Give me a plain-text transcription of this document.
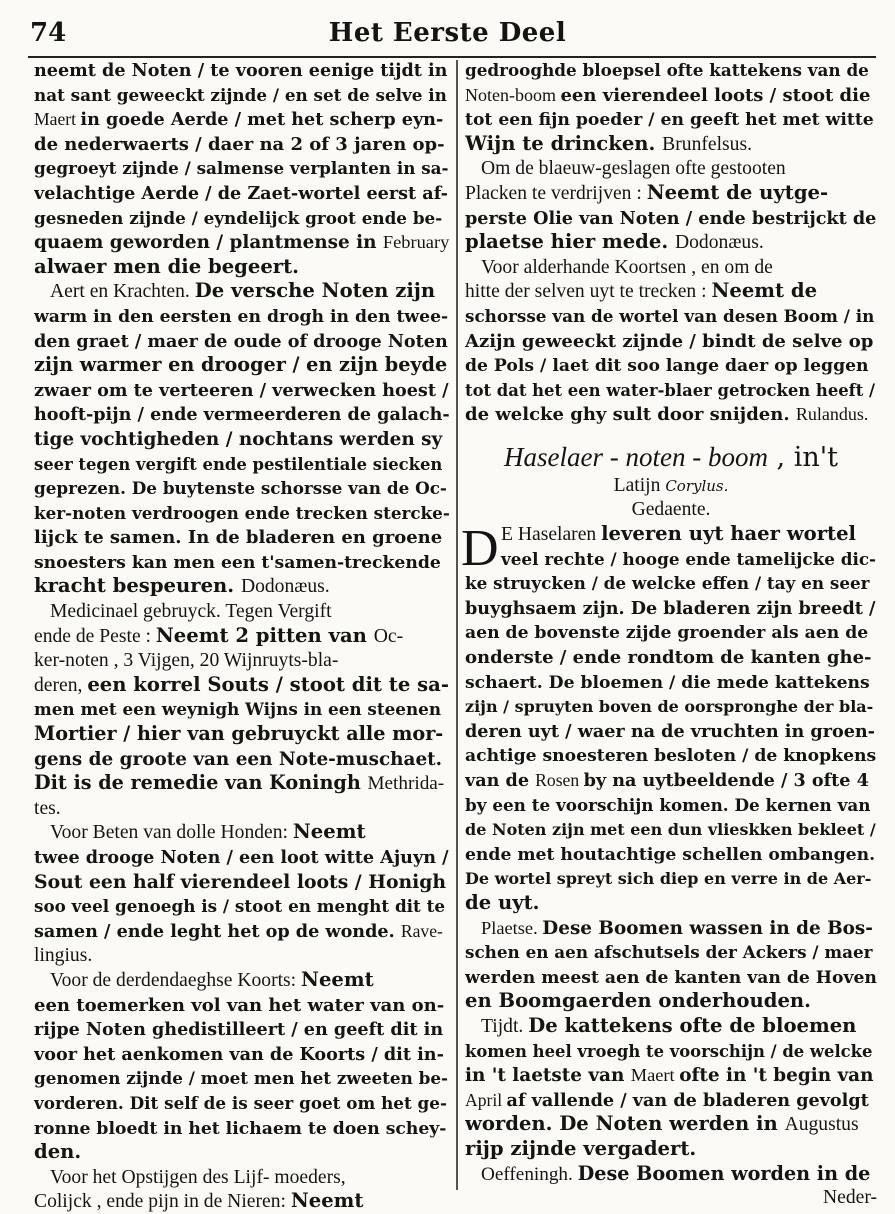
74	Het Eerste Deel
neemt de Noten / te vooren eenige tijdt in
nat sant geweeckt zijnde / en set de selve in
Maert in goede Aerde / met het scherp eyn-
de nederwaerts / daer na 2 of 3 jaren op-
gegroeyt zijnde / salmense verplanten in sa-
velachtige Aerde / de Zaet-wortel eerst af-
gesneden zijnde / eyndelijck groot ende be-
quaem geworden / plantmense in February
alwaer men die begeert.
Aert en Krachten. De versche Noten zijn
warm in den eersten en drogh in den twee-
den graet / maer de oude of drooge Noten
zijn warmer en drooger / en zijn beyde
zwaer om te verteeren / verwecken hoest /
hooft-pijn / ende vermeerderen de galach-
tige vochtigheden / nochtans werden sy
seer tegen vergift ende pestilentiale siecken
geprezen. De buytenste schorsse van de Oc-
ker-noten verdroogen ende trecken stercke-
lijck te samen. In de bladeren en groene
snoesters kan men een t'samen-treckende
kracht bespeuren. Dodonæus.
Medicinael gebruyck. Tegen Vergift
ende de Peste : Neemt 2 pitten van Oc-
ker-noten , 3 Vijgen, 20 Wijnruyts-bla-
deren, een korrel Souts / stoot dit te sa-
men met een weynigh Wijns in een steenen
Mortier / hier van gebruyckt alle mor-
gens de groote van een Note-muschaet.
Dit is de remedie van Koningh Methrida-
tes.
Voor Beten van dolle Honden: Neemt
twee drooge Noten / een loot witte Ajuyn /
Sout een half vierendeel loots / Honigh
soo veel genoegh is / stoot en menght dit te
samen / ende leght het op de wonde. Rave-
lingius.
Voor de derdendaeghse Koorts: Neemt
een toemerken vol van het water van on-
rijpe Noten ghedistilleert / en geeft dit in
voor het aenkomen van de Koorts / dit in-
genomen zijnde / moet men het zweeten be-
vorderen. Dit self de is seer goet om het ge-
ronne bloedt in het lichaem te doen schey-
den.
Voor het Opstijgen des Lijf- moeders,
Colijck , ende pijn in de Nieren: Neemt
gedrooghde bloepsel ofte kattekens van de
Noten-boom een vierendeel loots / stoot die
tot een fijn poeder / en geeft het met witte
Wijn te drincken. Brunfelsus.
Om de blaeuw-geslagen ofte gestooten
Placken te verdrijven : Neemt de uytge-
perste Olie van Noten / ende bestrijckt de
plaetse hier mede. Dodonæus.
Voor alderhande Koortsen , en om de
hitte der selven uyt te trecken : Neemt de
schorsse van de wortel van desen Boom / in
Azijn geweeckt zijnde / bindt de selve op
de Pols / laet dit soo lange daer op leggen
tot dat het een water-blaer getrocken heeft /
de welcke ghy sult door snijden. Rulandus.
Haselaer - noten - boom , in't
Latijn Corylus.
Gedaente.
D E Haselaren leveren uyt haer wortel
veel rechte / hooge ende tamelijcke dic-
ke struycken / de welcke effen / tay en seer
buyghsaem zijn. De bladeren zijn breedt /
aen de bovenste zijde groender als aen de
onderste / ende rondtom de kanten ghe-
schaert. De bloemen / die mede kattekens
zijn / spruyten boven de oorspronghe der bla-
deren uyt / waer na de vruchten in groen-
achtige snoesteren besloten / de knopkens
van de Rosen by na uytbeeldende / 3 ofte 4
by een te voorschijn komen. De kernen van
de Noten zijn met een dun vlieskken bekleet /
ende met houtachtige schellen ombangen.
De wortel spreyt sich diep en verre in de Aer-
de uyt.
Plaetse. Dese Boomen wassen in de Bos-
schen en aen afschutsels der Ackers / maer
werden meest aen de kanten van de Hoven
en Boomgaerden onderhouden.
Tijdt. De kattekens ofte de bloemen
komen heel vroegh te voorschijn / de welcke
in 't laetste van Maert ofte in 't begin van
April af vallende / van de bladeren gevolgt
worden. De Noten werden in Augustus
rijp zijnde vergadert.
Oeffeningh. Dese Boomen worden in de
Neder-
